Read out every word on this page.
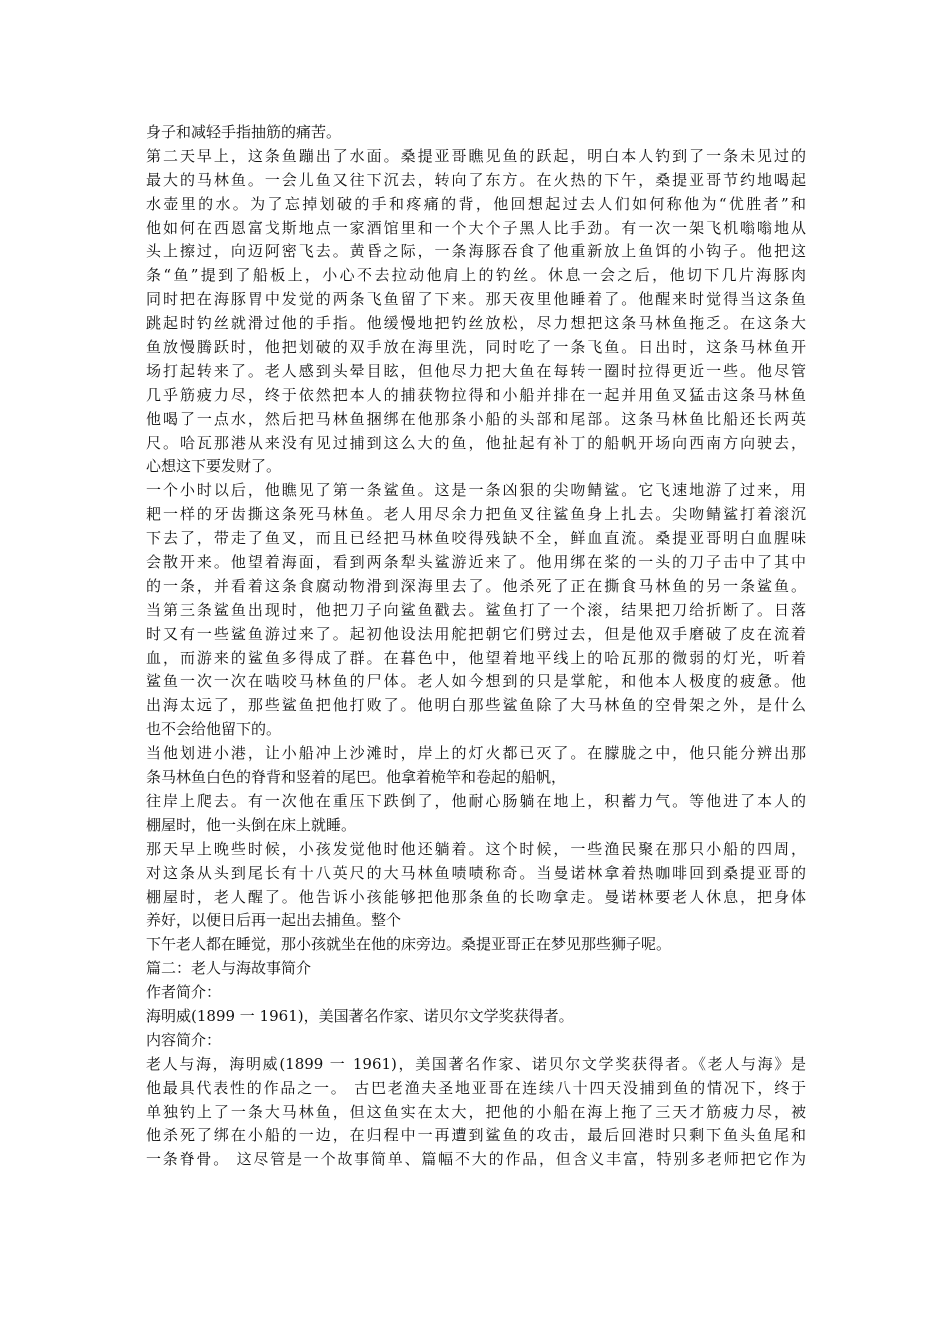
身子和减轻手指抽筋的痛苦。
第二天早上，这条鱼蹦出了水面。桑提亚哥瞧见鱼的跃起，明白本人钓到了一条未见过的
最大的马林鱼。一会儿鱼又往下沉去，转向了东方。在火热的下午，桑提亚哥节约地喝起
水壶里的水。为了忘掉划破的手和疼痛的背，他回想起过去人们如何称他为“优胜者”和
他如何在西恩富戈斯地点一家酒馆里和一个大个子黑人比手劲。有一次一架飞机嗡嗡地从
头上擦过，向迈阿密飞去。黄昏之际，一条海豚吞食了他重新放上鱼饵的小钩子。他把这
条“鱼”提到了船板上，小心不去拉动他肩上的钓丝。休息一会之后，他切下几片海豚肉
同时把在海豚胃中发觉的两条飞鱼留了下来。那天夜里他睡着了。他醒来时觉得当这条鱼
跳起时钓丝就滑过他的手指。他缓慢地把钓丝放松，尽力想把这条马林鱼拖乏。在这条大
鱼放慢腾跃时，他把划破的双手放在海里洗，同时吃了一条飞鱼。日出时，这条马林鱼开
场打起转来了。老人感到头晕目眩，但他尽力把大鱼在每转一圈时拉得更近一些。他尽管
几乎筋疲力尽，终于依然把本人的捕获物拉得和小船并排在一起并用鱼叉猛击这条马林鱼
他喝了一点水，然后把马林鱼捆绑在他那条小船的头部和尾部。这条马林鱼比船还长两英
尺。哈瓦那港从来没有见过捕到这么大的鱼，他扯起有补丁的船帆开场向西南方向驶去，
心想这下要发财了。
一个小时以后，他瞧见了第一条鲨鱼。这是一条凶狠的尖吻鲭鲨。它飞速地游了过来，用
耙一样的牙齿撕这条死马林鱼。老人用尽余力把鱼叉往鲨鱼身上扎去。尖吻鲭鲨打着滚沉
下去了，带走了鱼叉，而且已经把马林鱼咬得残缺不全，鲜血直流。桑提亚哥明白血腥味
会散开来。他望着海面，看到两条犁头鲨游近来了。他用绑在桨的一头的刀子击中了其中
的一条，并看着这条食腐动物滑到深海里去了。他杀死了正在撕食马林鱼的另一条鲨鱼。
当第三条鲨鱼出现时，他把刀子向鲨鱼戳去。鲨鱼打了一个滚，结果把刀给折断了。日落
时又有一些鲨鱼游过来了。起初他设法用舵把朝它们劈过去，但是他双手磨破了皮在流着
血，而游来的鲨鱼多得成了群。在暮色中，他望着地平线上的哈瓦那的微弱的灯光，听着
鲨鱼一次一次在啮咬马林鱼的尸体。老人如今想到的只是掌舵，和他本人极度的疲惫。他
出海太远了，那些鲨鱼把他打败了。他明白那些鲨鱼除了大马林鱼的空骨架之外，是什么
也不会给他留下的。
当他划进小港，让小船冲上沙滩时，岸上的灯火都已灭了。在朦胧之中，他只能分辨出那
条马林鱼白色的脊背和竖着的尾巴。他拿着桅竿和卷起的船帆，
往岸上爬去。有一次他在重压下跌倒了，他耐心肠躺在地上，积蓄力气。等他进了本人的
棚屋时，他一头倒在床上就睡。
那天早上晚些时候，小孩发觉他时他还躺着。这个时候，一些渔民聚在那只小船的四周，
对这条从头到尾长有十八英尺的大马林鱼啧啧称奇。当曼诺林拿着热咖啡回到桑提亚哥的
棚屋时，老人醒了。他告诉小孩能够把他那条鱼的长吻拿走。曼诺林要老人休息，把身体
养好，以便日后再一起出去捕鱼。整个
下午老人都在睡觉，那小孩就坐在他的床旁边。桑提亚哥正在梦见那些狮子呢。
篇二：老人与海故事简介
作者简介：
海明威(1899 一 1961)，美国著名作家、诺贝尔文学奖获得者。
内容简介：
老人与海，海明威(1899 一 1961)，美国著名作家、诺贝尔文学奖获得者。《老人与海》是
他最具代表性的作品之一。 古巴老渔夫圣地亚哥在连续八十四天没捕到鱼的情况下，终于
单独钓上了一条大马林鱼，但这鱼实在太大，把他的小船在海上拖了三天才筋疲力尽，被
他杀死了绑在小船的一边，在归程中一再遭到鲨鱼的攻击，最后回港时只剩下鱼头鱼尾和
一条脊骨。 这尽管是一个故事简单、篇幅不大的作品，但含义丰富，特别多老师把它作为
